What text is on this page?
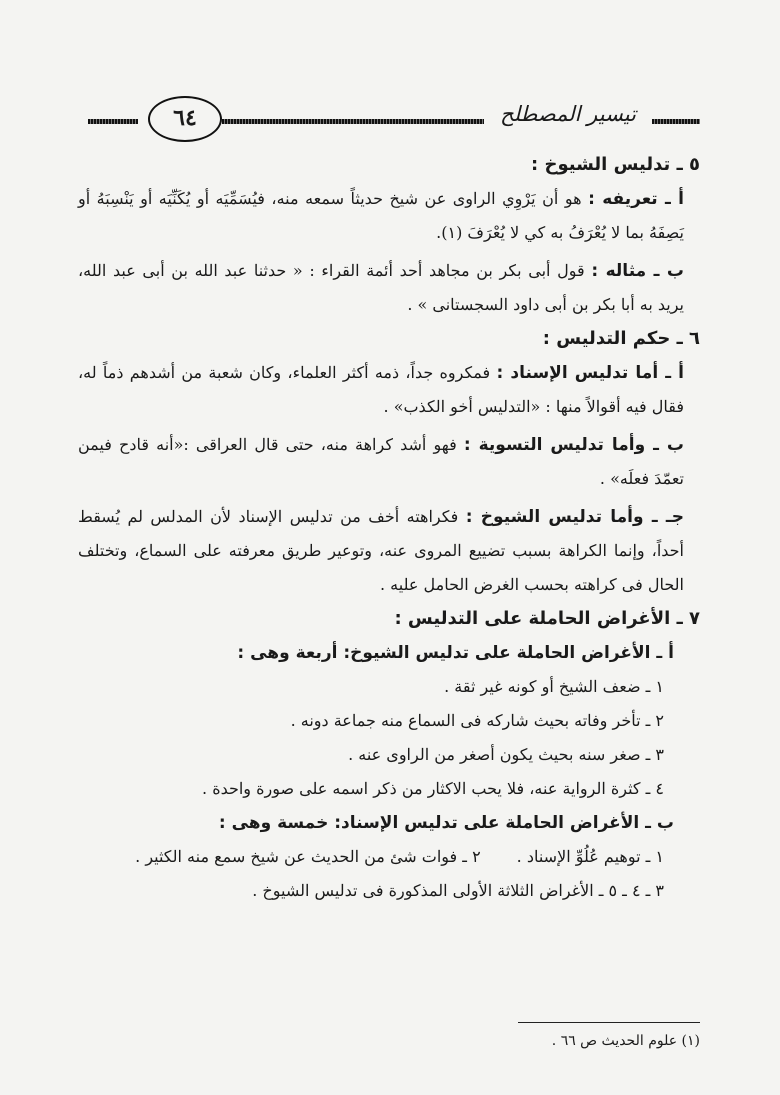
تيسير المصطلح
٦٤

٥ ـ تدليس الشيوخ :

أ ـ تعريفه : هو أن يَرْوِي الراوى عن شيخ حديثاً سمعه منه، فيُسَمِّيَه أو يُكَنِّيَه أو يَنْسِبَهُ أو يَصِفَهُ بما لا يُعْرَفُ به كي لا يُعْرَفَ (١).

ب ـ مثاله : قول أبى بكر بن مجاهد أحد أئمة القراء : « حدثنا عبد الله بن أبى عبد الله، يريد به أبا بكر بن أبى داود السجستانى » .

٦ ـ حكم التدليس :

أ ـ أما تدليس الإسناد : فمكروه جداً، ذمه أكثر العلماء، وكان شعبة من أشدهم ذماً له، فقال فيه أقوالاً منها : «التدليس أخو الكذب» .

ب ـ وأما تدليس التسوية : فهو أشد كراهة منه، حتى قال العراقى :«أنه قادح فيمن تعمّدَ فعلَه» .

جـ ـ وأما تدليس الشيوخ : فكراهته أخف من تدليس الإسناد لأن المدلس لم يُسقط أحداً، وإنما الكراهة بسبب تضييع المروى عنه، وتوعير طريق معرفته على السماع، وتختلف الحال فى كراهته بحسب الغرض الحامل عليه .

٧ ـ الأغراض الحاملة على التدليس :

أ ـ الأغراض الحاملة على تدليس الشيوخ: أربعة وهى :

١ ـ ضعف الشيخ أو كونه غير ثقة .

٢ ـ تأخر وفاته بحيث شاركه فى السماع منه جماعة دونه .

٣ ـ صغر سنه بحيث يكون أصغر من الراوى عنه .

٤ ـ كثرة الرواية عنه، فلا يحب الاكثار من ذكر اسمه على صورة واحدة .

ب ـ الأغراض الحاملة على تدليس الإسناد: خمسة وهى :

١ ـ توهيم عُلُوِّ الإسناد .
٢ ـ فوات شئ من الحديث عن شيخ سمع منه الكثير .

٣ ـ ٤ ـ ٥ ـ الأغراض الثلاثة الأولى المذكورة فى تدليس الشيوخ .

(١) علوم الحديث ص ٦٦ .
